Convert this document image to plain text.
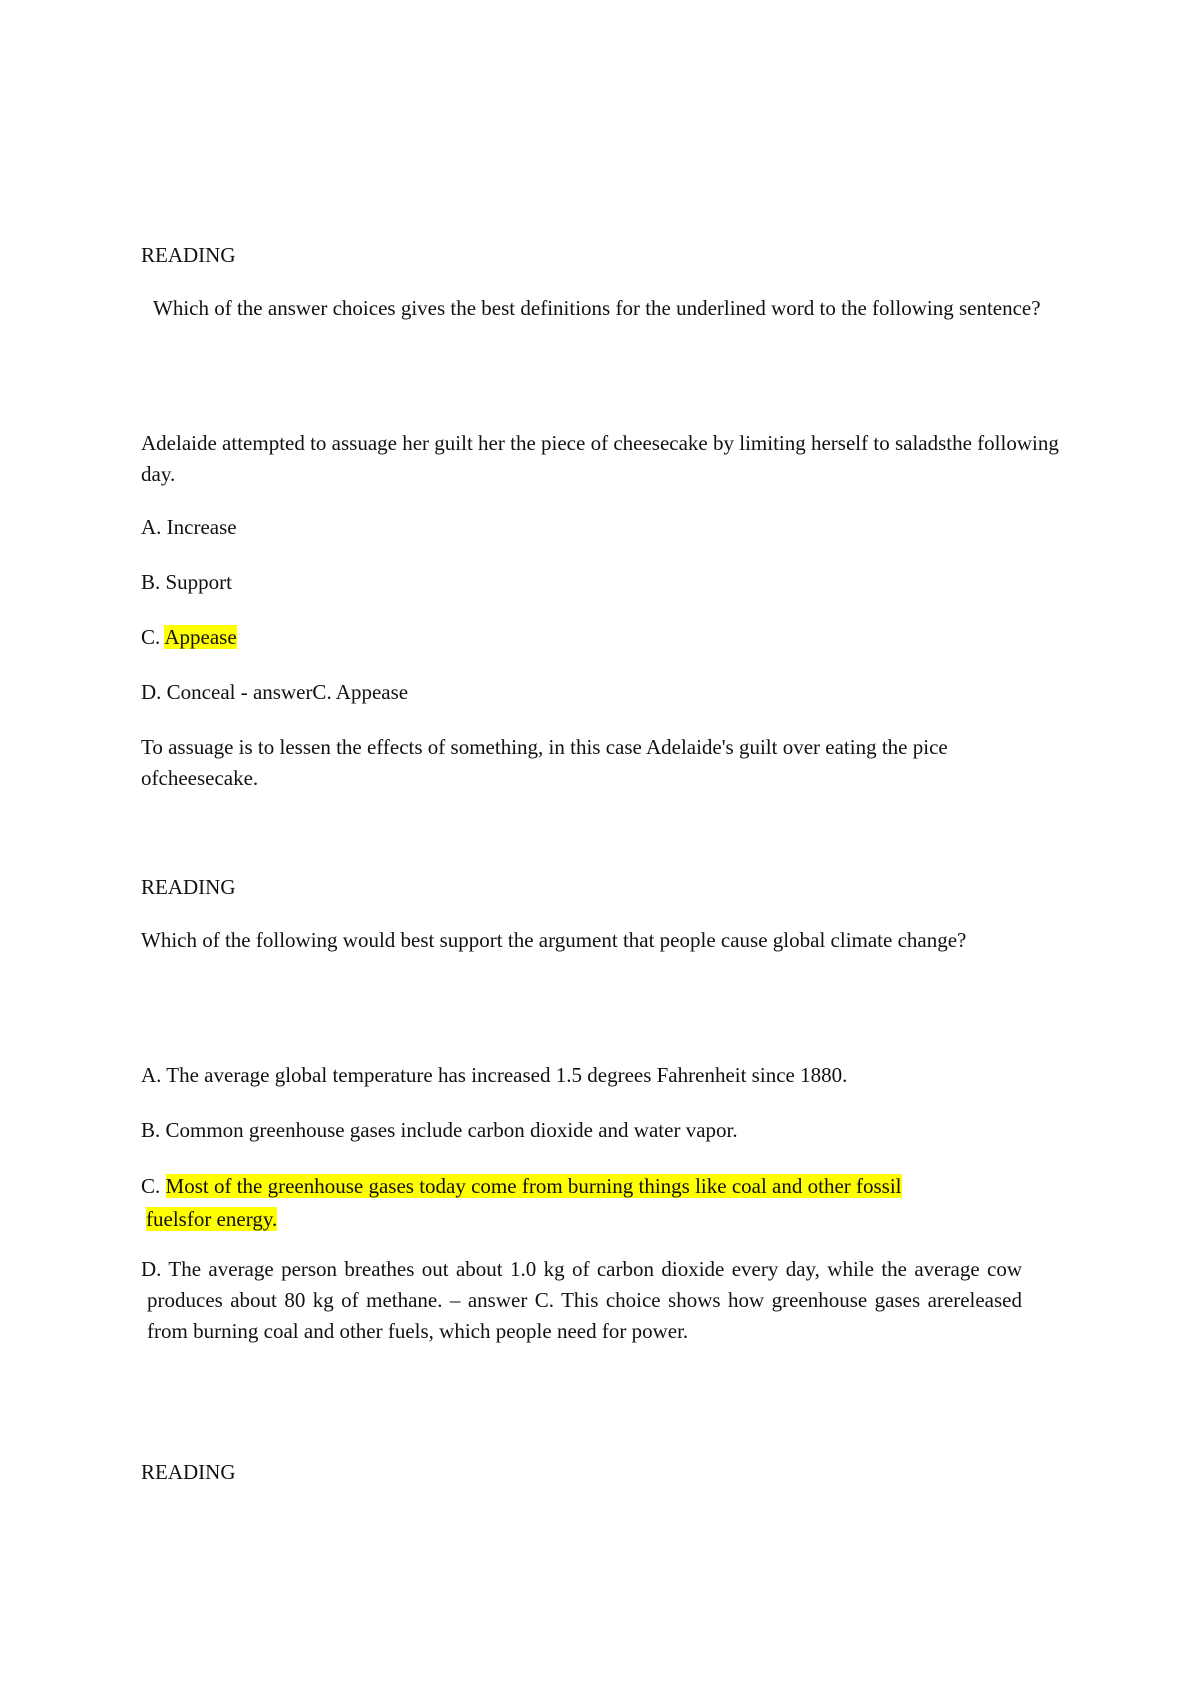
READING

Which of the answer choices gives the best definitions for the underlined word to the following sentence?

Adelaide attempted to assuage her guilt her the piece of cheesecake by limiting herself to saladsthe following day.

A. Increase

B. Support

C. Appease

D. Conceal - answerC. Appease

To assuage is to lessen the effects of something, in this case Adelaide's guilt over eating the pice ofcheesecake.

READING

Which of the following would best support the argument that people cause global climate change?

A. The average global temperature has increased 1.5 degrees Fahrenheit since 1880.

B. Common greenhouse gases include carbon dioxide and water vapor.

C. Most of the greenhouse gases today come from burning things like coal and other fossil
fuelsfor energy.

D. The average person breathes out about 1.0 kg of carbon dioxide every day, while the average cow produces about 80 kg of methane. – answer C. This choice shows how greenhouse gases arereleased from burning coal and other fuels, which people need for power.

READING
